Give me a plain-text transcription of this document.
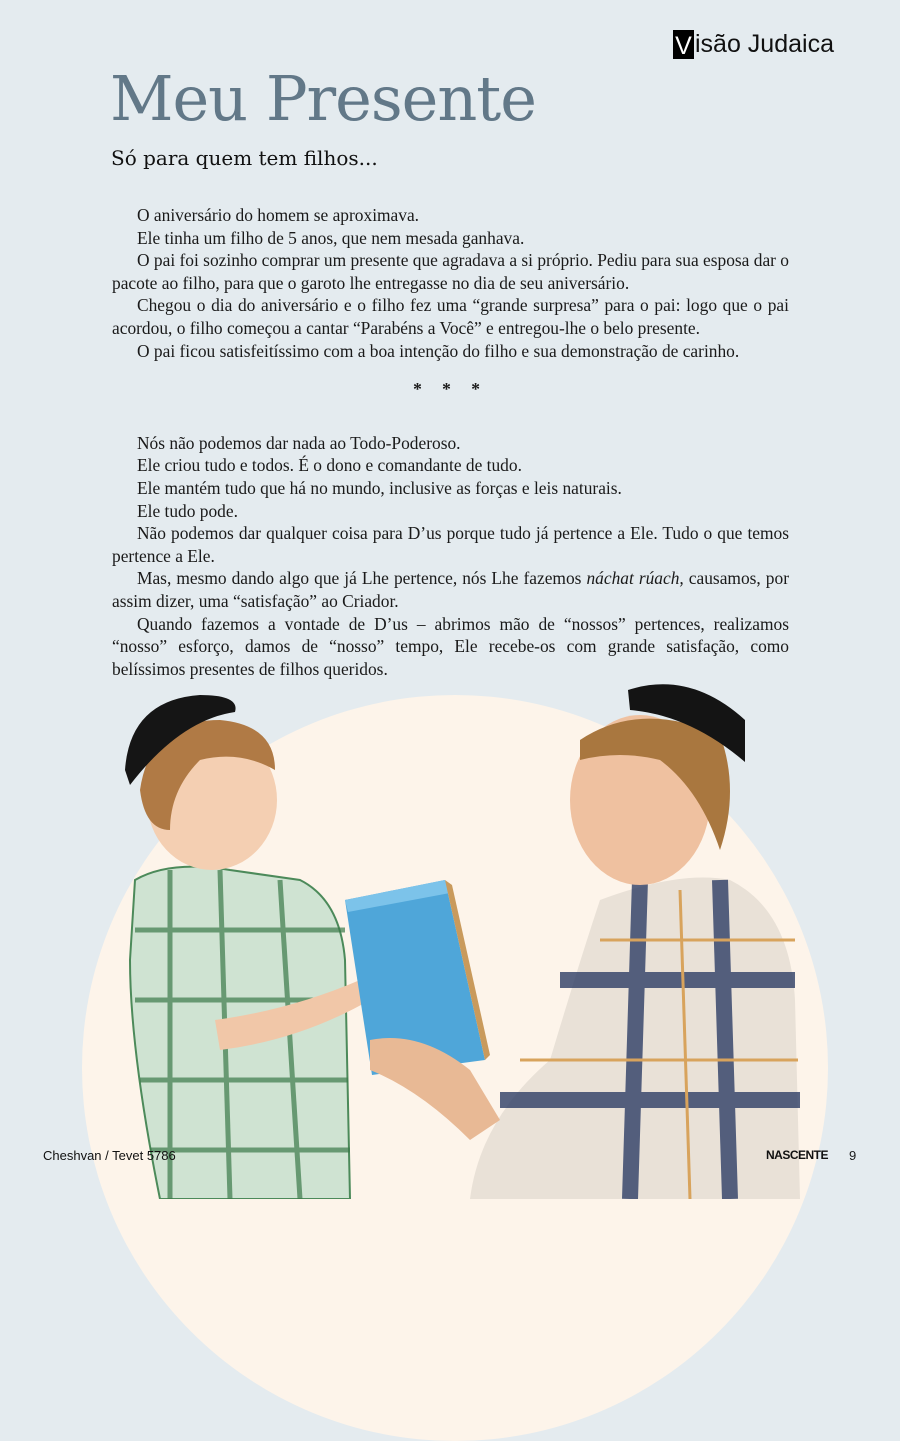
V isão Judaica
Meu Presente
Só para quem tem filhos...

O aniversário do homem se aproximava.

Ele tinha um filho de 5 anos, que nem mesada ganhava.

O pai foi sozinho comprar um presente que agradava a si próprio. Pediu para sua esposa dar o pacote ao filho, para que o garoto lhe entregasse no dia de seu aniversário.

Chegou o dia do aniversário e o filho fez uma “grande surpresa” para o pai: logo que o pai acordou, o filho começou a cantar “Parabéns a Você” e entregou-lhe o belo presente.

O pai ficou satisfeitíssimo com a boa intenção do filho e sua demonstração de carinho.

* * *

Nós não podemos dar nada ao Todo-Poderoso.

Ele criou tudo e todos. É o dono e comandante de tudo.

Ele mantém tudo que há no mundo, inclusive as forças e leis naturais.

Ele tudo pode.

Não podemos dar qualquer coisa para D’us porque tudo já pertence a Ele. Tudo o que temos pertence a Ele.

Mas, mesmo dando algo que já Lhe pertence, nós Lhe fazemos náchat rúach, causamos, por assim dizer, uma “satisfação” ao Criador.

Quando fazemos a vontade de D’us – abrimos mão de “nossos” pertences, realizamos “nosso” esforço, damos de “nosso” tempo, Ele recebe-os com grande satisfação, como belíssimos presentes de filhos queridos.

Cheshvan / Tevet 5786	NASCENTE 9
